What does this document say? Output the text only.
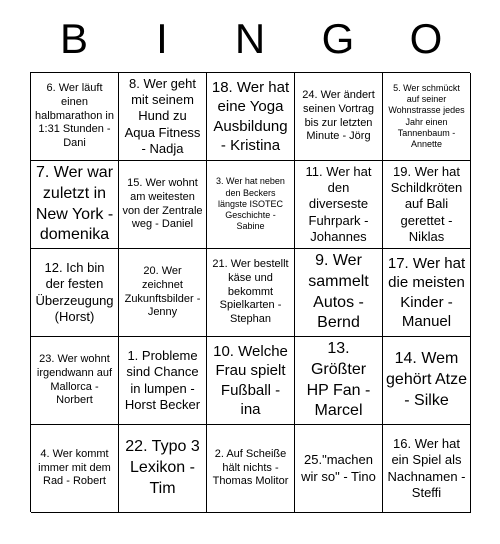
B	I	N	G	O
6. Wer läuft einen halbmarathon in 1:31 Stunden - Dani
8. Wer geht mit seinem Hund zu Aqua Fitness - Nadja
18. Wer hat eine Yoga Ausbildung - Kristina
24. Wer ändert seinen Vortrag bis zur letzten Minute - Jörg
5. Wer schmückt auf seiner Wohnstrasse jedes Jahr einen Tannenbaum - Annette
7. Wer war zuletzt in New York - domenika
15. Wer wohnt am weitesten von der Zentrale weg - Daniel
3. Wer hat neben den Beckers längste ISOTEC Geschichte - Sabine
11. Wer hat den diverseste Fuhrpark - Johannes
19. Wer hat Schildkröten auf Bali gerettet - Niklas
12. Ich bin der festen Überzeugung (Horst)
20. Wer zeichnet Zukunftsbilder - Jenny
21. Wer bestellt käse und bekommt Spielkarten - Stephan
9. Wer sammelt Autos - Bernd
17. Wer hat die meisten Kinder - Manuel
23. Wer wohnt irgendwann auf Mallorca - Norbert
1. Probleme sind Chance in lumpen - Horst Becker
10. Welche Frau spielt Fußball - ina
13. Größter HP Fan - Marcel
14. Wem gehört Atze - Silke
4. Wer kommt immer mit dem Rad - Robert
22. Typo 3 Lexikon - Tim
2. Auf Scheiße hält nichts - Thomas Molitor
25."machen wir so" - Tino
16. Wer hat ein Spiel als Nachnamen - Steffi
